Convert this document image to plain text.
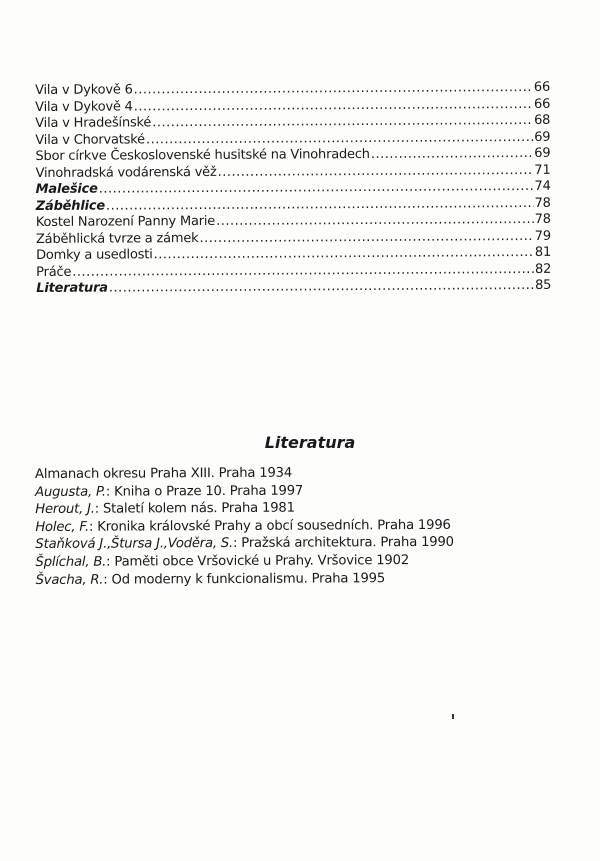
Vila v Dykově 6 .....	66
Vila v Dykově 4 .....	66
Vila v Hradešínské .....	68
Vila v Chorvatské .....	69
Sbor církve Československé husitské na Vinohradech .....	69
Vinohradská vodárenská věž .....	71
Malešice .....	74
Záběhlice .....	78
Kostel Narození Panny Marie .....	78
Záběhlická tvrze a zámek .....	79
Domky a usedlosti .....	81
Práče .....	82
Literatura .....	85
Literatura
Almanach okresu Praha XIII. Praha 1934
Augusta, P.: Kniha o Praze 10. Praha 1997
Herout, J.: Staletí kolem nás. Praha 1981
Holec, F.: Kronika královské Prahy a obcí sousedních. Praha 1996
Staňková J.,Štursa J.,Voděra, S.: Pražská architektura. Praha 1990
Šplíchal, B.: Paměti obce Vršovické u Prahy. Vršovice 1902
Švacha, R.: Od moderny k funkcionalismu. Praha 1995
